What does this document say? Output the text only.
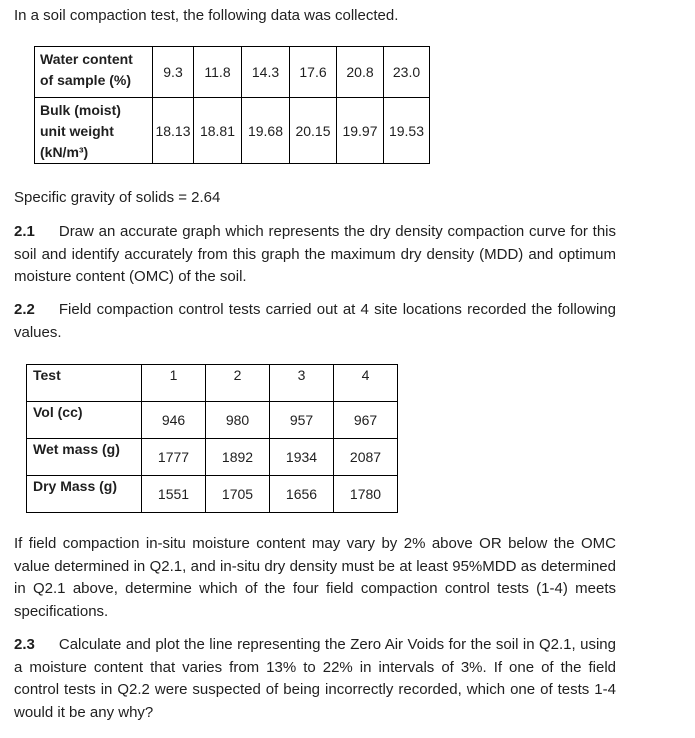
In a soil compaction test, the following data was collected.

Water content of sample (%)	9.3	11.8	14.3	17.6	20.8	23.0
Bulk (moist) unit weight (kN/m³)	18.13	18.81	19.68	20.15	19.97	19.53

Specific gravity of solids = 2.64

2.1 Draw an accurate graph which represents the dry density compaction curve for this soil and identify accurately from this graph the maximum dry density (MDD) and optimum moisture content (OMC) of the soil.

2.2 Field compaction control tests carried out at 4 site locations recorded the following values.

Test	1	2	3	4
Vol (cc)	946	980	957	967
Wet mass (g)	1777	1892	1934	2087
Dry Mass (g)	1551	1705	1656	1780

If field compaction in-situ moisture content may vary by 2% above OR below the OMC value determined in Q2.1, and in-situ dry density must be at least 95%MDD as determined in Q2.1 above, determine which of the four field compaction control tests (1-4) meets specifications.

2.3 Calculate and plot the line representing the Zero Air Voids for the soil in Q2.1, using a moisture content that varies from 13% to 22% in intervals of 3%. If one of the field control tests in Q2.2 were suspected of being incorrectly recorded, which one of tests 1-4 would it be any why?
